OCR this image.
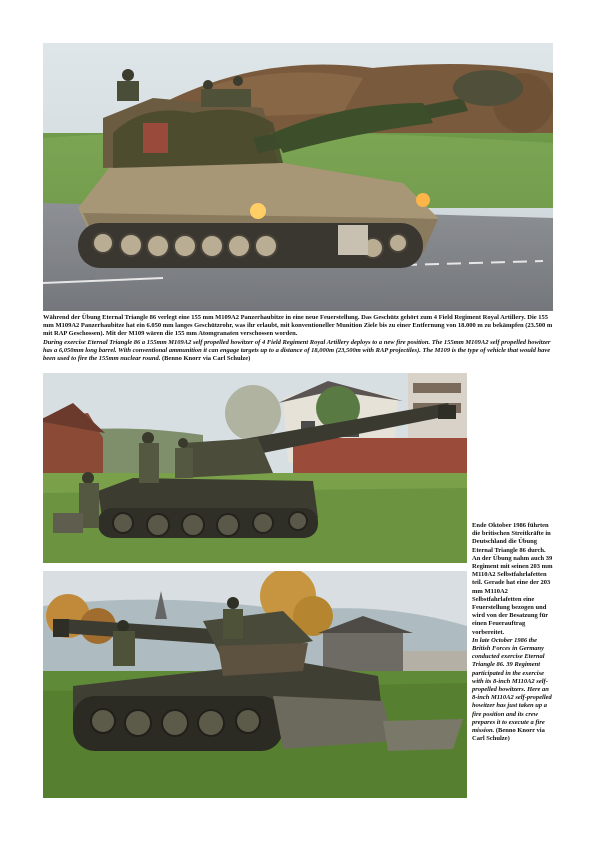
Während der Übung Eternal Triangle 86 verlegt eine 155 mm M109A2 Panzerhaubitze in eine neue Feuerstellung. Das Geschütz gehört zum 4 Field Regiment Royal Artillery. Die 155 mm M109A2 Panzerhaubitze hat ein 6.050 mm langes Geschützrohr, was ihr erlaubt, mit konventioneller Munition Ziele bis zu einer Entfernung von 18.000 m zu bekämpfen (23.500 m mit RAP Geschossen). Mit der M109 wären die 155 mm Atomgranaten verschossen worden.
During exercise Eternal Triangle 86 a 155mm M109A2 self propelled howitzer of 4 Field Regiment Royal Artillery deploys to a new fire position. The 155mm M109A2 self propelled howitzer has a 6,050mm long barrel. With conventional ammunition it can engage targets up to a distance of 18,000m (23,500m with RAP projectiles). The M109 is the type of vehicle that would have been used to fire the 155mm nuclear round. (Benno Knorr via Carl Schulze)
Ende Oktober 1986 führten die britischen Streitkräfte in Deutschland die Übung Eternal Triangle 86 durch. An der Übung nahm auch 39 Regiment mit seinen 203 mm M110A2 Selbstfahrlafetten teil. Gerade hat eine der 203 mm M110A2 Selbstfahrlafetten eine Feuerstellung bezogen und wird von der Besatzung für einen Feuerauftrag vorbereitet.
In late October 1986 the British Forces in Germany conducted exercise Eternal Triangle 86. 39 Regiment participated in the exercise with its 8-inch M110A2 self-propelled howitzers. Here an 8-inch M110A2 self-propelled howitzer has just taken up a fire position and its crew prepares it to execute a fire mission. (Benno Knorr via Carl Schulze)
